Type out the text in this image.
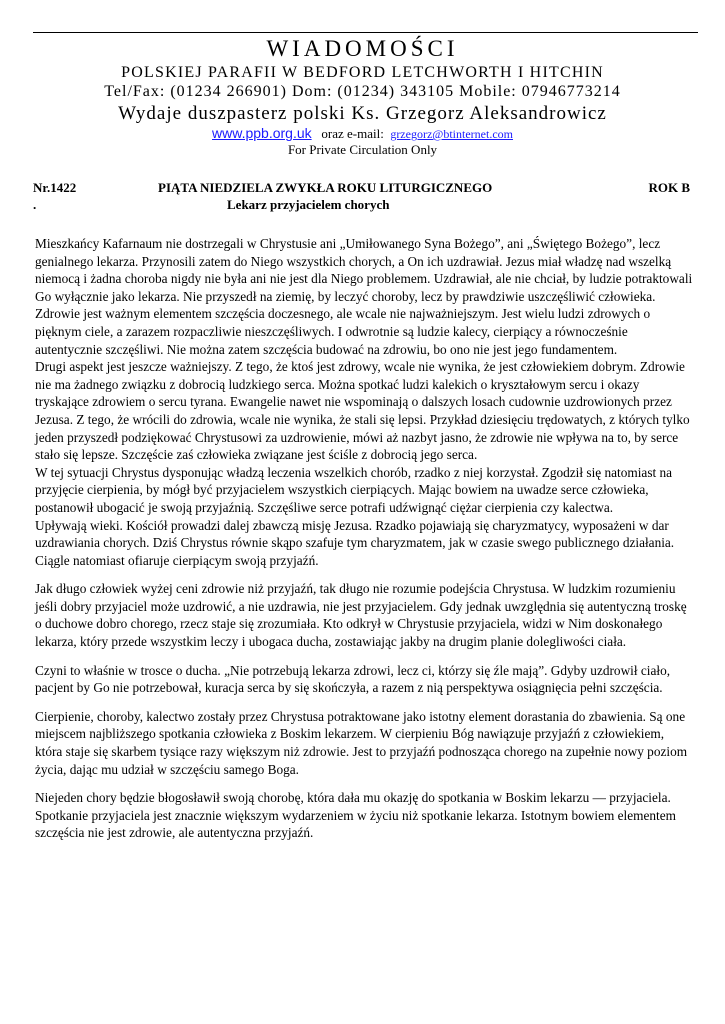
WIADOMOŚCI
POLSKIEJ PARAFII W BEDFORD LETCHWORTH I HITCHIN
Tel/Fax: (01234 266901) Dom: (01234) 343105 Mobile: 07946773214
Wydaje duszpasterz polski Ks. Grzegorz Aleksandrowicz
www.ppb.org.uk oraz e-mail: grzegorz@btinternet.com
For Private Circulation Only
Nr.1422	PIĄTA NIEDZIELA ZWYKŁA ROKU LITURGICZNEGO	ROK B
.	Lekarz przyjacielem chorych

Mieszkańcy Kafarnaum nie dostrzegali w Chrystusie ani „Umiłowanego Syna Bożego”, ani „Świętego Bożego”, lecz genialnego lekarza. Przynosili zatem do Niego wszystkich chorych, a On ich uzdrawiał. Jezus miał władzę nad wszelką niemocą i żadna choroba nigdy nie była ani nie jest dla Niego problemem. Uzdrawiał, ale nie chciał, by ludzie potraktowali Go wyłącznie jako lekarza. Nie przyszedł na ziemię, by leczyć choroby, lecz by prawdziwie uszczęśliwić człowieka.

Zdrowie jest ważnym elementem szczęścia doczesnego, ale wcale nie najważniejszym. Jest wielu ludzi zdrowych o pięknym ciele, a zarazem rozpaczliwie nieszczęśliwych. I odwrotnie są ludzie kalecy, cierpiący a równocześnie autentycznie szczęśliwi. Nie można zatem szczęścia budować na zdrowiu, bo ono nie jest jego fundamentem.

Drugi aspekt jest jeszcze ważniejszy. Z tego, że ktoś jest zdrowy, wcale nie wynika, że jest człowiekiem dobrym. Zdrowie nie ma żadnego związku z dobrocią ludzkiego serca. Można spotkać ludzi kalekich o kryształowym sercu i okazy tryskające zdrowiem o sercu tyrana. Ewangelie nawet nie wspominają o dalszych losach cudownie uzdrowionych przez Jezusa. Z tego, że wrócili do zdrowia, wcale nie wynika, że stali się lepsi. Przykład dziesięciu trędowatych, z których tylko jeden przyszedł podziękować Chrystusowi za uzdrowienie, mówi aż nazbyt jasno, że zdrowie nie wpływa na to, by serce stało się lepsze. Szczęście zaś człowieka związane jest ściśle z dobrocią jego serca.

W tej sytuacji Chrystus dysponując władzą leczenia wszelkich chorób, rzadko z niej korzystał. Zgodził się natomiast na przyjęcie cierpienia, by mógł być przyjacielem wszystkich cierpiących. Mając bowiem na uwadze serce człowieka, postanowił ubogacić je swoją przyjaźnią. Szczęśliwe serce potrafi udźwignąć ciężar cierpienia czy kalectwa.

Upływają wieki. Kościół prowadzi dalej zbawczą misję Jezusa. Rzadko pojawiają się charyzmatycy, wyposażeni w dar uzdrawiania chorych. Dziś Chrystus równie skąpo szafuje tym charyzmatem, jak w czasie swego publicznego działania. Ciągle natomiast ofiaruje cierpiącym swoją przyjaźń.

Jak długo człowiek wyżej ceni zdrowie niż przyjaźń, tak długo nie rozumie podejścia Chrystusa. W ludzkim rozumieniu jeśli dobry przyjaciel może uzdrowić, a nie uzdrawia, nie jest przyjacielem. Gdy jednak uwzględnia się autentyczną troskę o duchowe dobro chorego, rzecz staje się zrozumiała. Kto odkrył w Chrystusie przyjaciela, widzi w Nim doskonałego lekarza, który przede wszystkim leczy i ubogaca ducha, zostawiając jakby na drugim planie dolegliwości ciała.

Czyni to właśnie w trosce o ducha. „Nie potrzebują lekarza zdrowi, lecz ci, którzy się źle mają”. Gdyby uzdrowił ciało, pacjent by Go nie potrzebował, kuracja serca by się skończyła, a razem z nią perspektywa osiągnięcia pełni szczęścia.

Cierpienie, choroby, kalectwo zostały przez Chrystusa potraktowane jako istotny element dorastania do zbawienia. Są one miejscem najbliższego spotkania człowieka z Boskim lekarzem. W cierpieniu Bóg nawiązuje przyjaźń z człowiekiem, która staje się skarbem tysiące razy większym niż zdrowie. Jest to przyjaźń podnosząca chorego na zupełnie nowy poziom życia, dając mu udział w szczęściu samego Boga.

Niejeden chory będzie błogosławił swoją chorobę, która dała mu okazję do spotkania w Boskim lekarzu — przyjaciela. Spotkanie przyjaciela jest znacznie większym wydarzeniem w życiu niż spotkanie lekarza. Istotnym bowiem elementem szczęścia nie jest zdrowie, ale autentyczna przyjaźń.
